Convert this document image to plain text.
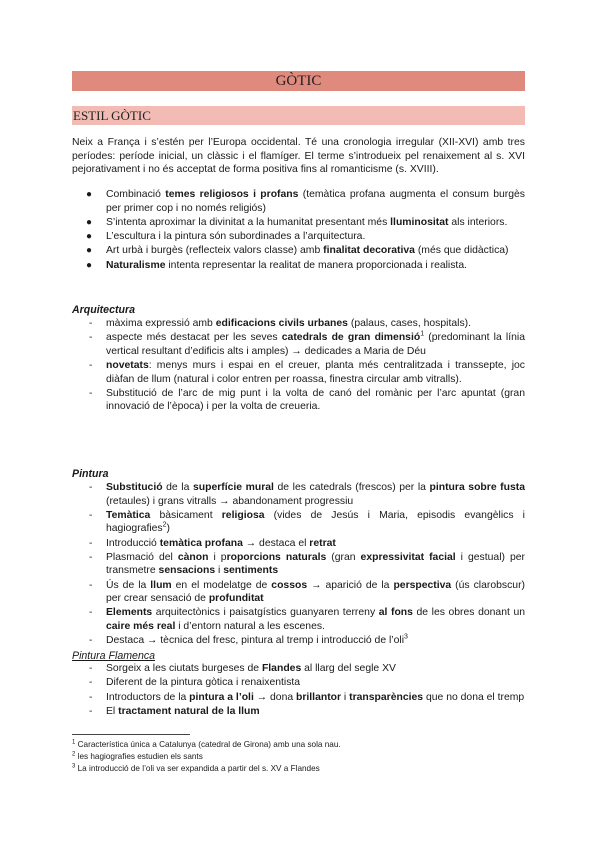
GÒTIC
ESTIL GÒTIC

Neix a França i s’estén per l’Europa occidental. Té una cronologia irregular (XII-XVI) amb tres períodes: període inicial, un clàssic i el flamíger. El terme s’introdueix pel renaixement al s. XVI pejorativament i no és acceptat de forma positiva fins al romanticisme (s. XVIII).

● Combinació temes religiosos i profans (temàtica profana augmenta el consum burgès per primer cop i no només religiós)
● S’intenta aproximar la divinitat a la humanitat presentant més lluminositat als interiors.
● L’escultura i la pintura són subordinades a l’arquitectura.
● Art urbà i burgès (reflecteix valors classe) amb finalitat decorativa (més que didàctica)
● Naturalisme intenta representar la realitat de manera proporcionada i realista.

Arquitectura

- màxima expressió amb edificacions civils urbanes (palaus, cases, hospitals).
- aspecte més destacat per les seves catedrals de gran dimensió$^1$ (predominant la línia vertical resultant d’edificis alts i amples) → dedicades a Maria de Déu
- novetats: menys murs i espai en el creuer, planta més centralitzada i transsepte, joc diàfan de llum (natural i color entren per roassa, finestra circular amb vitralls).
- Substitució de l’arc de mig punt i la volta de canó del romànic per l’arc apuntat (gran innovació de l’època) i per la volta de creueria.

Pintura

- Substitució de la superfície mural de les catedrals (frescos) per la pintura sobre fusta (retaules) i grans vitralls → abandonament progressiu
- Temàtica bàsicament religiosa (vides de Jesús i Maria, episodis evangèlics i hagiografies$^2$)
- Introducció temàtica profana → destaca el retrat
- Plasmació del cànon i proporcions naturals (gran expressivitat facial i gestual) per transmetre sensacions i sentiments
- Ús de la llum en el modelatge de cossos → aparició de la perspectiva (ús clarobscur) per crear sensació de profunditat
- Elements arquitectònics i paisatgístics guanyaren terreny al fons de les obres donant un caire més real i d’entorn natural a les escenes.
- Destaca → tècnica del fresc, pintura al tremp i introducció de l’oli$^3$

Pintura Flamenca

- Sorgeix a les ciutats burgeses de Flandes al llarg del segle XV
- Diferent de la pintura gòtica i renaixentista
- Introductors de la pintura a l’oli → dona brillantor i transparències que no dona el tremp
- El tractament natural de la llum

$^1$ Característica única a Catalunya (catedral de Girona) amb una sola nau.

$^2$ les hagiografies estudien els sants

$^3$ La introducció de l’oli va ser expandida a partir del s. XV a Flandes
